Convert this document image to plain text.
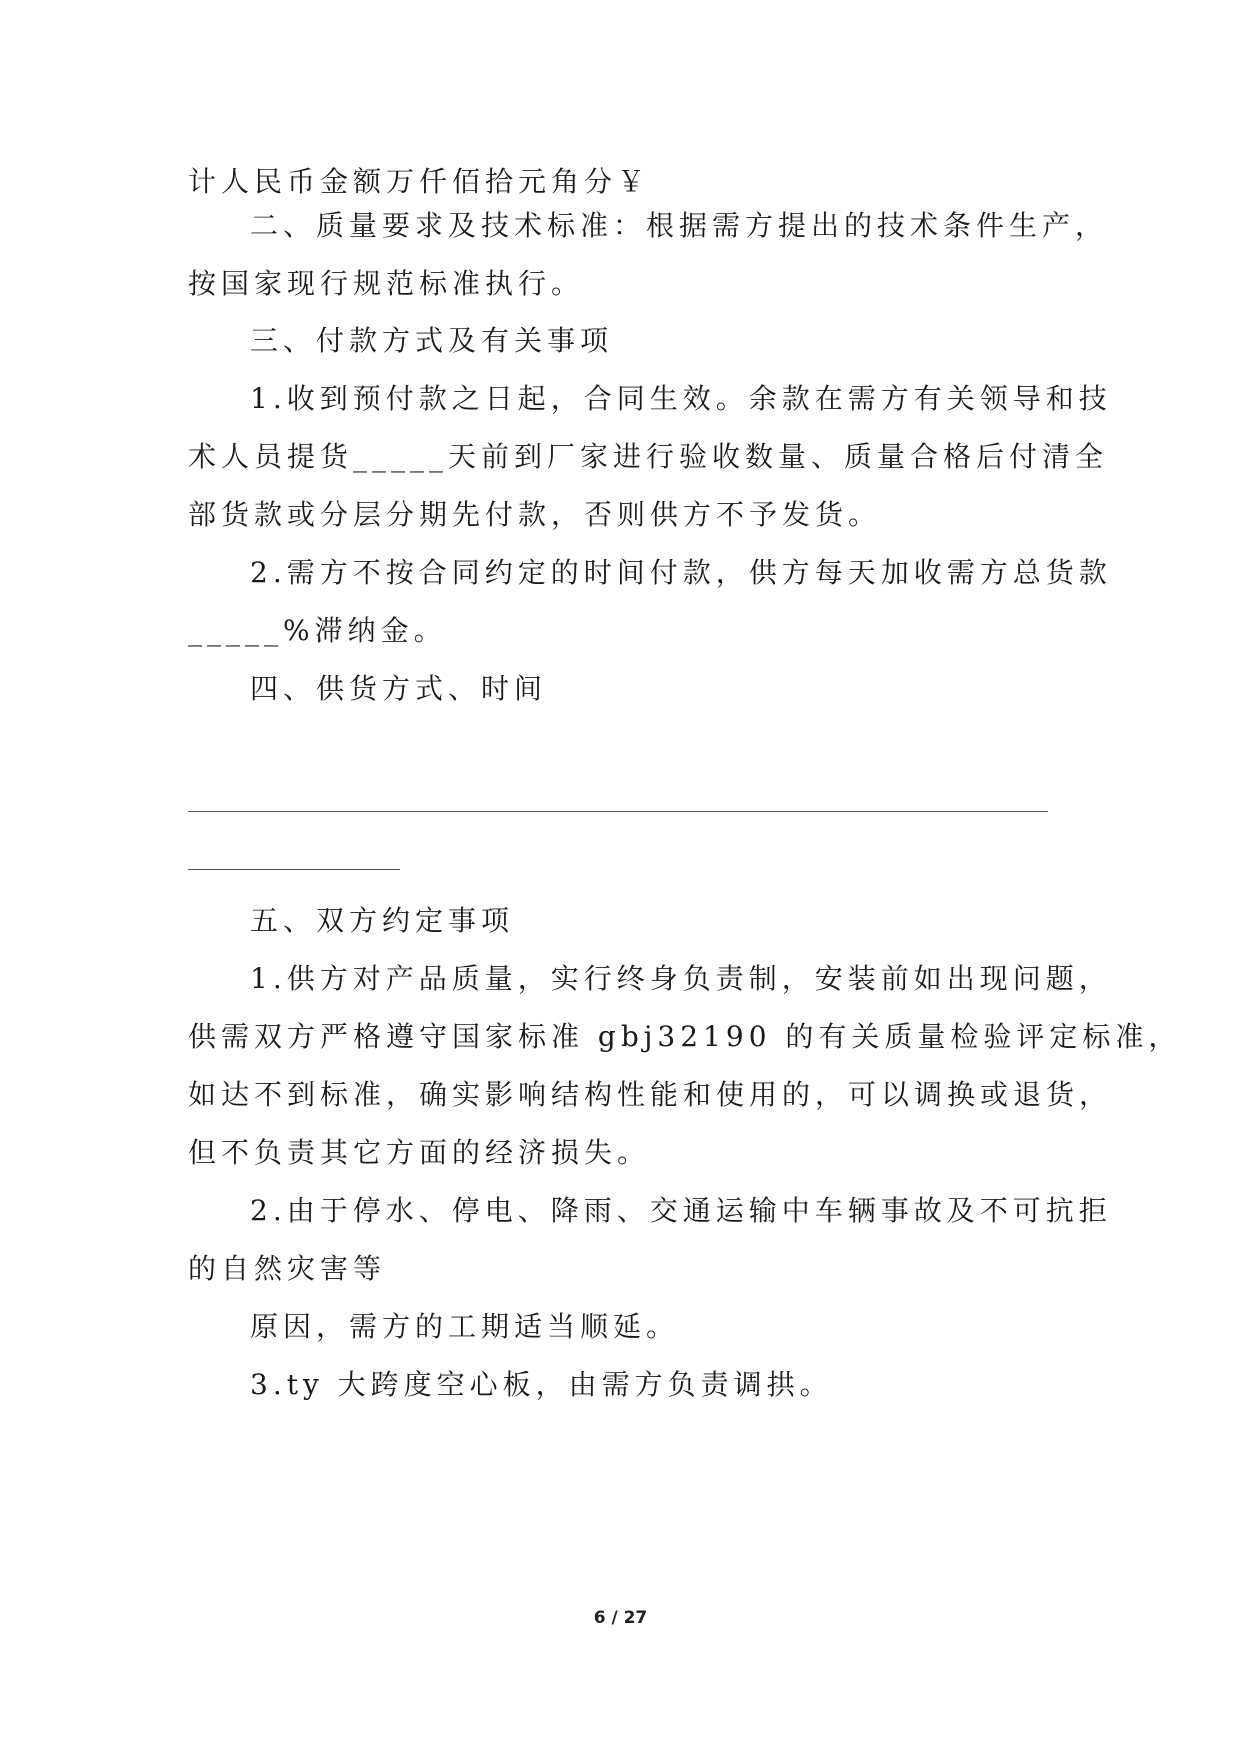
计人民币金额万仟佰拾元角分￥
二、质量要求及技术标准：根据需方提出的技术条件生产，
按国家现行规范标准执行。
三、付款方式及有关事项
1.收到预付款之日起，合同生效。余款在需方有关领导和技
术人员提货_____天前到厂家进行验收数量、质量合格后付清全
部货款或分层分期先付款，否则供方不予发货。
2.需方不按合同约定的时间付款，供方每天加收需方总货款
_____%滞纳金。
四、供货方式、时间
五、双方约定事项
1.供方对产品质量，实行终身负责制，安装前如出现问题，
供需双方严格遵守国家标准 gbj32190 的有关质量检验评定标准，
如达不到标准，确实影响结构性能和使用的，可以调换或退货，
但不负责其它方面的经济损失。
2.由于停水、停电、降雨、交通运输中车辆事故及不可抗拒
的自然灾害等
原因，需方的工期适当顺延。
3.ty 大跨度空心板，由需方负责调拱。
6 / 27
